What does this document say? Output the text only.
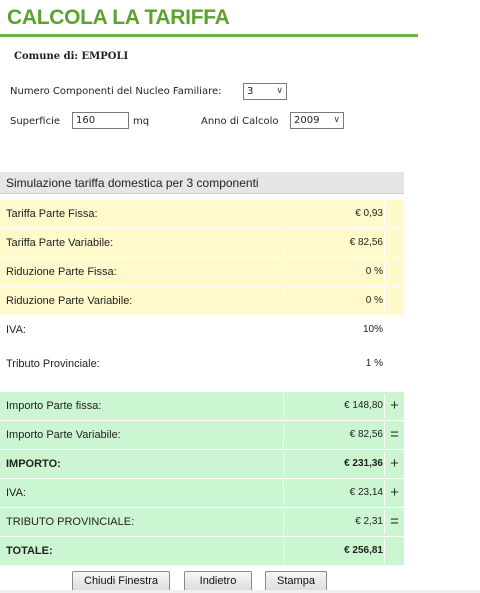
CALCOLA LA TARIFFA
Comune di: EMPOLI
Numero Componenti del Nucleo Familiare:	3	∨
Superficie	160	mq	Anno di Calcolo	2009 ∨
Simulazione tariffa domestica per 3 componenti
Tariffa Parte Fissa:	€ 0,93
Tariffa Parte Variabile:	€ 82,56
Riduzione Parte Fissa:	0 %
Riduzione Parte Variabile:	0 %
IVA:	10%
Tributo Provinciale:	1 %
Importo Parte fissa:	€ 148,80 +
Importo Parte Variabile:	€ 82,56 =
IMPORTO:	€ 231,36 +
IVA:	€ 23,14 +
TRIBUTO PROVINCIALE:	€ 2,31 =
TOTALE:	€ 256,81
Chiudi Finestra	Indietro	Stampa
